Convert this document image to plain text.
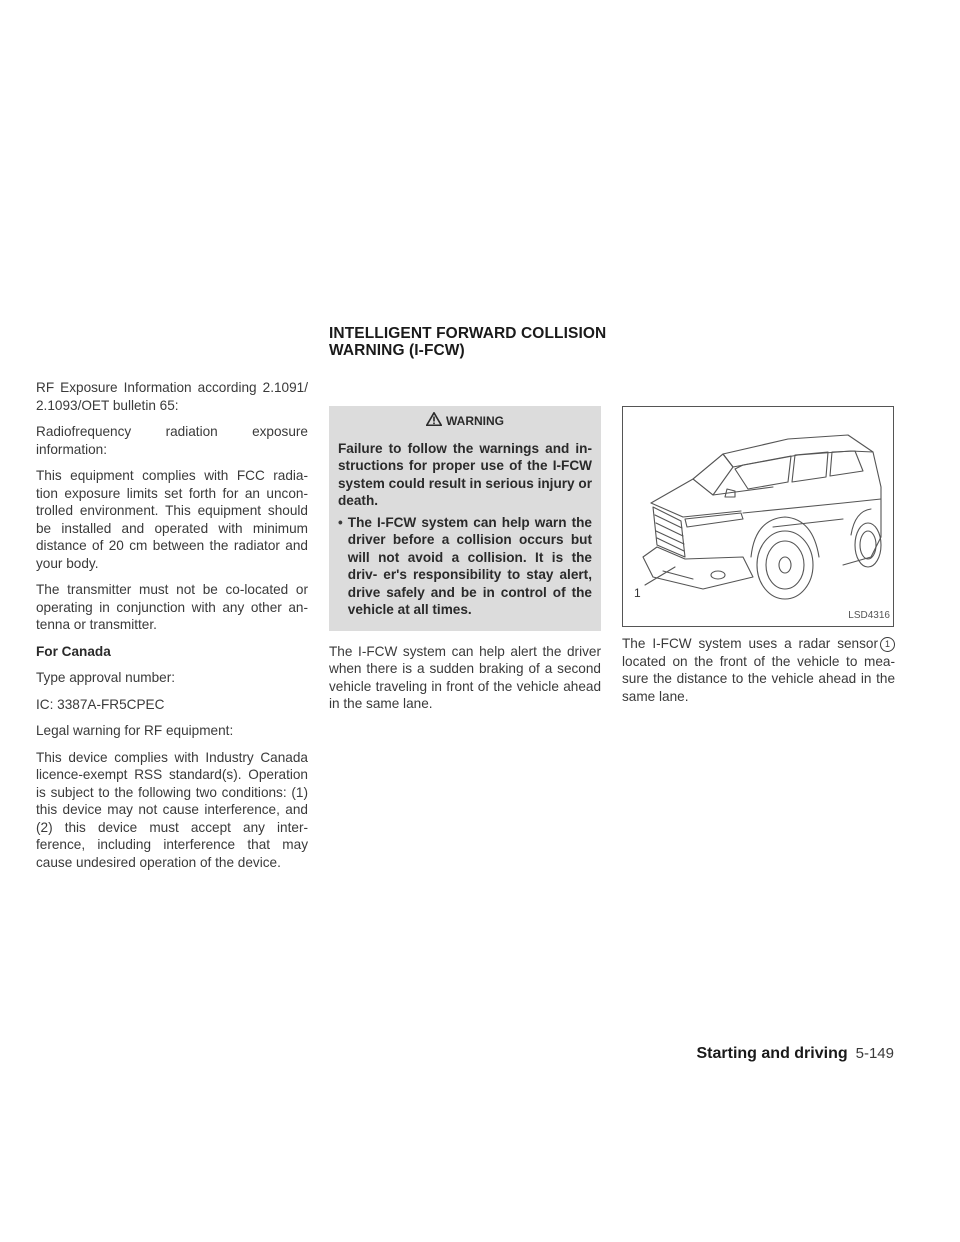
INTELLIGENT FORWARD COLLISION
WARNING (I-FCW)

RF Exposure Information according 2.1091/ 2.1093/OET bulletin 65:

Radiofrequency radiation exposure information:

This equipment complies with FCC radia- tion exposure limits set forth for an uncon- trolled environment. This equipment should be installed and operated with minimum distance of 20 cm between the radiator and your body.

The transmitter must not be co-located or operating in conjunction with any other an- tenna or transmitter.

For Canada

Type approval number:

IC: 3387A-FR5CPEC

Legal warning for RF equipment:

This device complies with Industry Canada licence-exempt RSS standard(s). Operation is subject to the following two conditions: (1) this device may not cause interference, and (2) this device must accept any inter- ference, including interference that may cause undesired operation of the device.

WARNING

Failure to follow the warnings and in- structions for proper use of the I-FCW system could result in serious injury or death.

• The I-FCW system can help warn the driver before a collision occurs but will not avoid a collision. It is the driv- er's responsibility to stay alert, drive safely and be in control of the vehicle at all times.

The I-FCW system can help alert the driver when there is a sudden braking of a second vehicle traveling in front of the vehicle ahead in the same lane.

1
LSD4316

The I-FCW system uses a radar sensor 1 located on the front of the vehicle to mea- sure the distance to the vehicle ahead in the same lane.

Starting and driving 5-149
